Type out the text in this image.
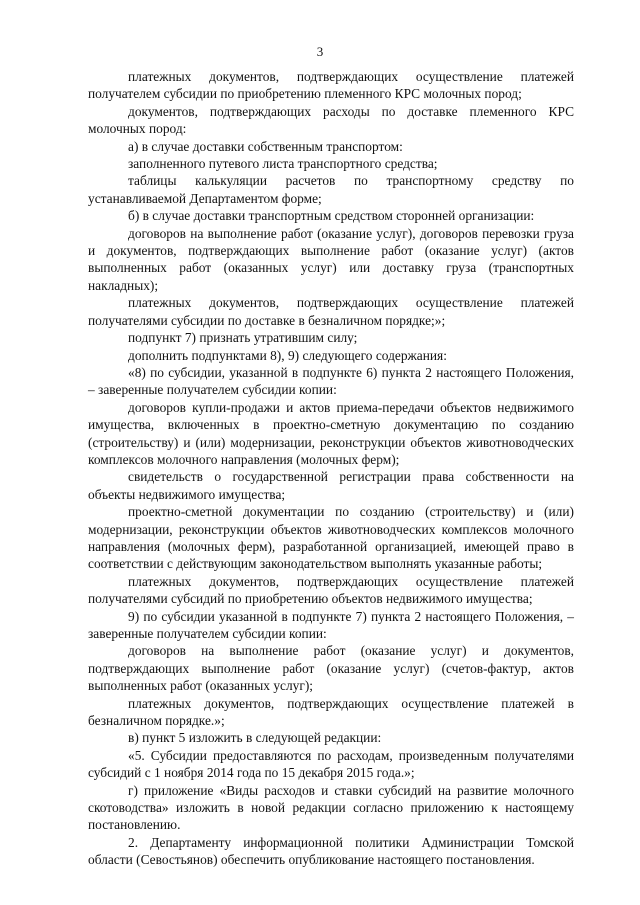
3

платежных документов, подтверждающих осуществление платежей получателем субсидии по приобретению племенного КРС молочных пород;

документов, подтверждающих расходы по доставке племенного КРС молочных пород:

а) в случае доставки собственным транспортом:

заполненного путевого листа транспортного средства;

таблицы калькуляции расчетов по транспортному средству по устанавливаемой Департаментом форме;

б) в случае доставки транспортным средством сторонней организации:

договоров на выполнение работ (оказание услуг), договоров перевозки груза и документов, подтверждающих выполнение работ (оказание услуг) (актов выполненных работ (оказанных услуг) или доставку груза (транспортных накладных);

платежных документов, подтверждающих осуществление платежей получателями субсидии по доставке в безналичном порядке;»;

подпункт 7) признать утратившим силу;

дополнить подпунктами 8), 9) следующего содержания:

«8) по субсидии, указанной в подпункте 6) пункта 2 настоящего Положения, – заверенные получателем субсидии копии:

договоров купли-продажи и актов приема-передачи объектов недвижимого имущества, включенных в проектно-сметную документацию по созданию (строительству) и (или) модернизации, реконструкции объектов животноводческих комплексов молочного направления (молочных ферм);

свидетельств о государственной регистрации права собственности на объекты недвижимого имущества;

проектно-сметной документации по созданию (строительству) и (или) модернизации, реконструкции объектов животноводческих комплексов молочного направления (молочных ферм), разработанной организацией, имеющей право в соответствии с действующим законодательством выполнять указанные работы;

платежных документов, подтверждающих осуществление платежей получателями субсидий по приобретению объектов недвижимого имущества;

9) по субсидии указанной в подпункте 7) пункта 2 настоящего Положения, – заверенные получателем субсидии копии:

договоров на выполнение работ (оказание услуг) и документов, подтверждающих выполнение работ (оказание услуг) (счетов-фактур, актов выполненных работ (оказанных услуг);

платежных документов, подтверждающих осуществление платежей в безналичном порядке.»;

в) пункт 5 изложить в следующей редакции:

«5. Субсидии предоставляются по расходам, произведенным получателями субсидий с 1 ноября 2014 года по 15 декабря 2015 года.»;

г) приложение «Виды расходов и ставки субсидий на развитие молочного скотоводства» изложить в новой редакции согласно приложению к настоящему постановлению.

2. Департаменту информационной политики Администрации Томской области (Севостьянов) обеспечить опубликование настоящего постановления.
